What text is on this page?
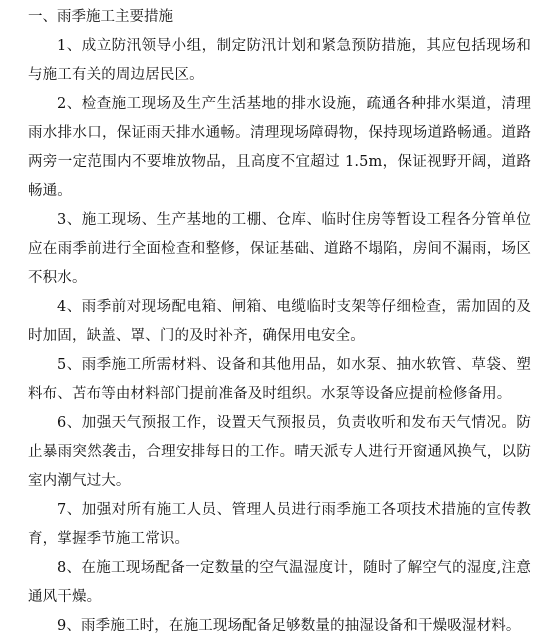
一、雨季施工主要措施

1、成立防汛领导小组，制定防汛计划和紧急预防措施，其应包括现场和与施工有关的周边居民区。

2、检查施工现场及生产生活基地的排水设施，疏通各种排水渠道，清理雨水排水口，保证雨天排水通畅。清理现场障碍物，保持现场道路畅通。道路两旁一定范围内不要堆放物品，且高度不宜超过 1.5m，保证视野开阔，道路畅通。

3、施工现场、生产基地的工棚、仓库、临时住房等暂设工程各分管单位应在雨季前进行全面检查和整修，保证基础、道路不塌陷，房间不漏雨，场区不积水。

4、雨季前对现场配电箱、闸箱、电缆临时支架等仔细检查，需加固的及时加固，缺盖、罩、门的及时补齐，确保用电安全。

5、雨季施工所需材料、设备和其他用品，如水泵、抽水软管、草袋、塑料布、苫布等由材料部门提前准备及时组织。水泵等设备应提前检修备用。

6、加强天气预报工作，设置天气预报员，负责收听和发布天气情况。防止暴雨突然袭击，合理安排每日的工作。晴天派专人进行开窗通风换气，以防室内潮气过大。

7、加强对所有施工人员、管理人员进行雨季施工各项技术措施的宣传教育，掌握季节施工常识。

8、在施工现场配备一定数量的空气温湿度计，随时了解空气的湿度,注意通风干燥。

9、雨季施工时，在施工现场配备足够数量的抽湿设备和干燥吸湿材料。
